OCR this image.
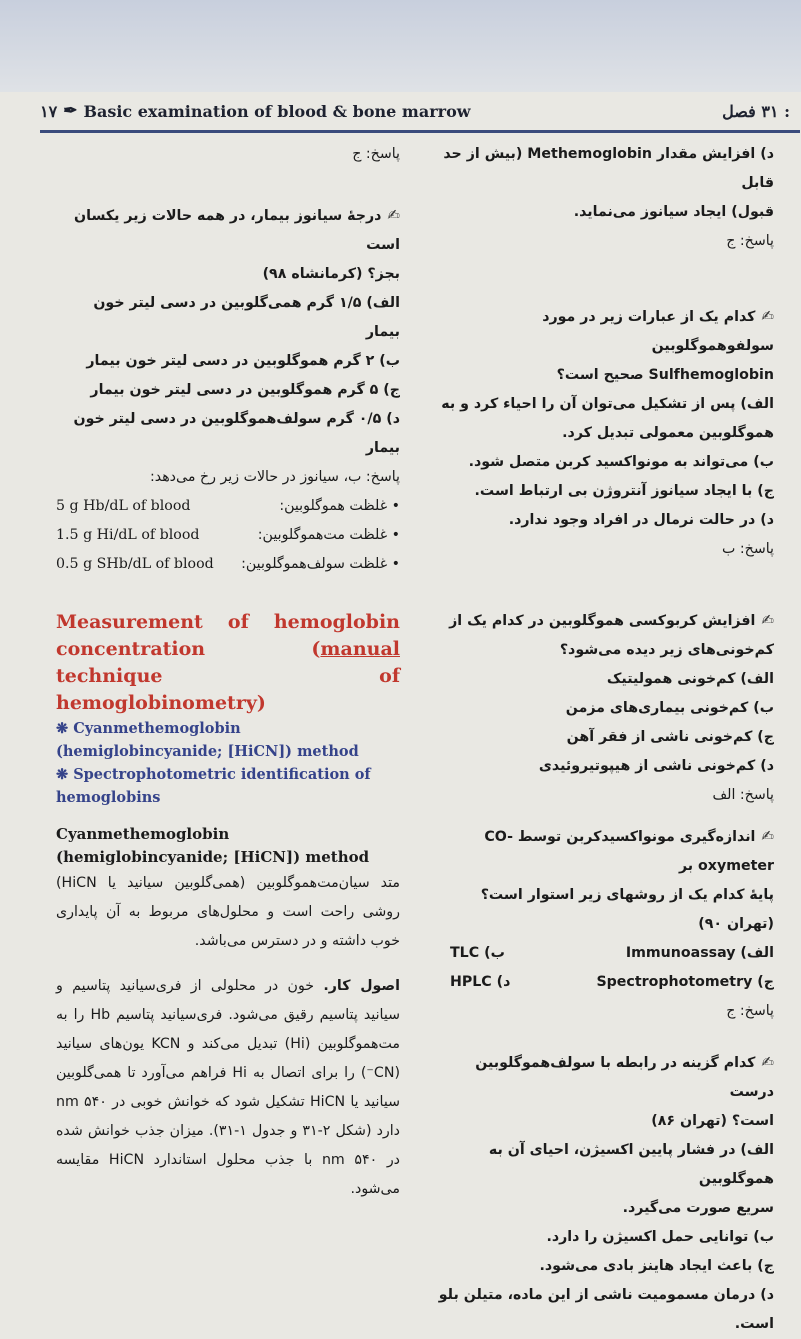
۱۷ ✒ Basic examination of blood & bone marrow	: ۳۱ فصل
د) افزایش مقدار Methemoglobin (بیش از حد قابل
قبول) ایجاد سیانوز می‌نماید.
پاسخ: ج
✍کدام یک از عبارات زیر در مورد سولفوهموگلوبین
Sulfhemoglobin صحیح است؟
الف) پس از تشکیل می‌توان آن را احیاء کرد و به
هموگلوبین معمولی تبدیل کرد.
ب) می‌تواند به مونواکسید کربن متصل شود.
ج) با ایجاد سیانوز آنتروژن بی ارتباط است.
د) در حالت نرمال در افراد وجود ندارد.
پاسخ: ب
✍افزایش کربوکسی هموگلوبین در کدام یک از
کم‌خونی‌های زیر دیده می‌شود؟
الف) کم‌خونی همولیتیک
ب) کم‌خونی بیماری‌های مزمن
ج) کم‌خونی ناشی از فقر آهن
د) کم‌خونی ناشی از هیپوتیروئیدی
پاسخ: الف
✍اندازه‌گیری مونواکسیدکربن توسط CO-oxymeter بر
پایهٔ کدام یک از روشهای زیر استوار است؟ (تهران ۹۰)
الف) Immunoassay
ب) TLC
ج) Spectrophotometry
د) HPLC
پاسخ: ج
✍کدام گزینه در رابطه با سولف‌هموگلوبین درست
است؟ (تهران ۸۶)
الف) در فشار پایین اکسیژن، احیای آن به هموگلوبین
سریع صورت می‌گیرد.
ب) توانایی حمل اکسیژن را دارد.
ج) باعث ایجاد هاینز بادی می‌شود.
د) درمان مسمومیت ناشی از این ماده، متیلن بلو
است.
پاسخ: ج
✍درجهٔ سیانوز بیمار، در همه حالات زیر یکسان است
بجز؟ (کرمانشاه ۹۸)
الف) ۱/۵ گرم همی‌گلوبین در دسی لیتر خون بیمار
ب) ۲ گرم هموگلوبین در دسی لیتر خون بیمار
ج) ۵ گرم هموگلوبین در دسی لیتر خون بیمار
د) ۰/۵ گرم سولف‌هموگلوبین در دسی لیتر خون بیمار
پاسخ: ب، سیانوز در حالات زیر رخ می‌دهد:
• غلظت هموگلوبین:
5 g Hb/dL of blood
• غلظت مت‌هموگلوبین:
1.5 g Hi/dL of blood
• غلظت سولف‌هموگلوبین:
0.5 g SHb/dL of blood
Measurement of hemoglobin concentration (manual technique of hemoglobinometry)
❋ Cyanmethemoglobin (hemiglobincyanide; [HiCN]) method
❋ Spectrophotometric identification of hemoglobins
Cyanmethemoglobin (hemiglobincyanide; [HiCN]) method
متد سیان‌مت‌هموگلوبین (همی‌گلوبین سیانید یا HiCN) روشی راحت است و محلول‌های مربوط به آن پایداری خوب داشته و در دسترس می‌باشد.
اصول کار. خون در محلولی از فری‌سیانید پتاسیم و سیانید پتاسیم رقیق می‌شود. فری‌سیانید پتاسیم Hb را به مت‌هموگلوبین (Hi) تبدیل می‌کند و KCN یون‌های سیانید (CN⁻) را برای اتصال به Hi فراهم می‌آورد تا همی‌گلوبین سیانید یا HiCN تشکیل شود که خوانش خوبی در ۵۴۰ nm دارد (شکل ۲-۳۱ و جدول ۱-۳۱). میزان جذب خوانش شده در ۵۴۰ nm با جذب محلول استاندارد HiCN مقایسه می‌شود.
